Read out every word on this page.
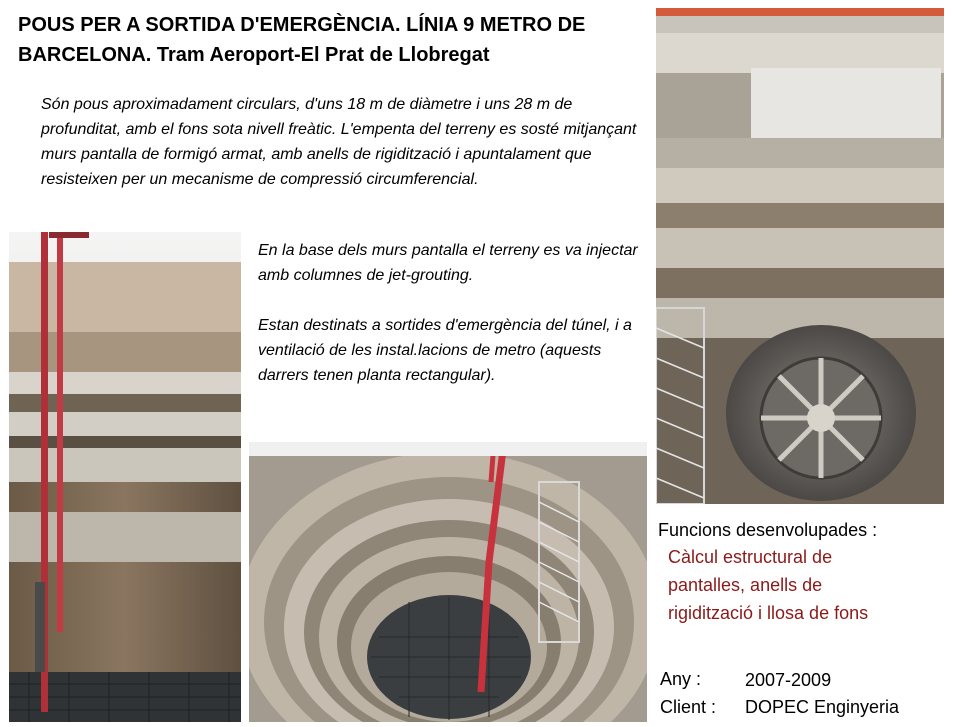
POUS PER A SORTIDA D'EMERGÈNCIA. LÍNIA 9 METRO DE
BARCELONA. Tram Aeroport-El Prat de Llobregat
Són pous aproximadament circulars, d'uns 18 m de diàmetre i uns 28 m de profunditat, amb el fons sota nivell freàtic. L'empenta del terreny es sosté mitjançant murs pantalla de formigó armat, amb anells de rigidització i apuntalament que resisteixen per un mecanisme de compressió circumferencial.
En la base dels murs pantalla el terreny es va injectar amb columnes de jet-grouting.
Estan destinats a sortides d'emergència del túnel, i a ventilació de les instal.lacions de metro (aquests darrers tenen planta rectangular).
Funcions desenvolupades :
Càlcul estructural de
pantalles, anells de
rigidització i llosa de fons
Any : 2007-2009
Client : DOPEC Enginyeria
